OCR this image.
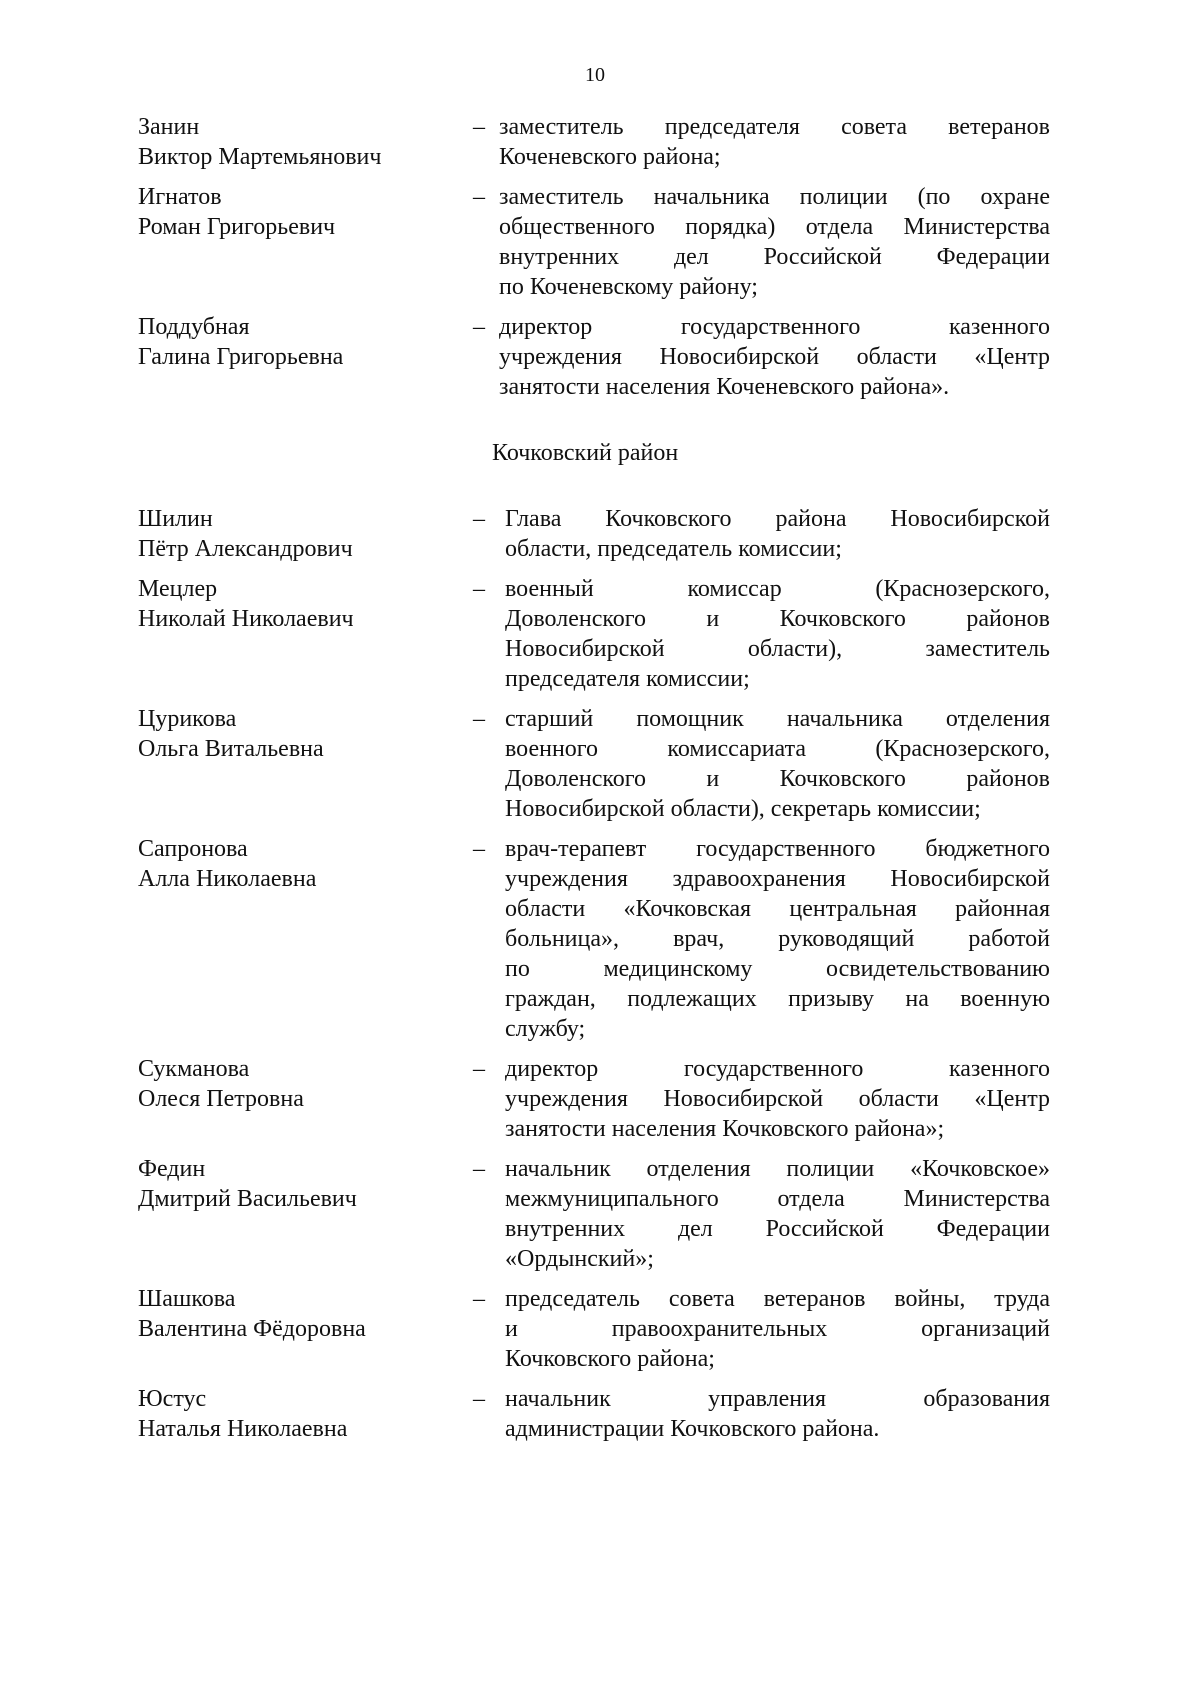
10
Занин
Виктор Мартемьянович
– заместитель председателя совета ветеранов
Коченевского района;
Игнатов
Роман Григорьевич
– заместитель начальника полиции (по охране
общественного порядка) отдела Министерства
внутренних дел Российской Федерации
по Коченевскому району;
Поддубная
Галина Григорьевна
– директор государственного казенного
учреждения Новосибирской области «Центр
занятости населения Коченевского района».
Кочковский район
Шилин
Пётр Александрович
– Глава Кочковского района Новосибирской
области, председатель комиссии;
Мецлер
Николай Николаевич
– военный комиссар (Краснозерского,
Доволенского и Кочковского районов
Новосибирской области), заместитель
председателя комиссии;
Цурикова
Ольга Витальевна
– старший помощник начальника отделения
военного комиссариата (Краснозерского,
Доволенского и Кочковского районов
Новосибирской области), секретарь комиссии;
Сапронова
Алла Николаевна
– врач-терапевт государственного бюджетного
учреждения здравоохранения Новосибирской
области «Кочковская центральная районная
больница», врач, руководящий работой
по медицинскому освидетельствованию
граждан, подлежащих призыву на военную
службу;
Сукманова
Олеся Петровна
– директор государственного казенного
учреждения Новосибирской области «Центр
занятости населения Кочковского района»;
Федин
Дмитрий Васильевич
– начальник отделения полиции «Кочковское»
межмуниципального отдела Министерства
внутренних дел Российской Федерации
«Ордынский»;
Шашкова
Валентина Фёдоровна
– председатель совета ветеранов войны, труда
и правоохранительных организаций
Кочковского района;
Юстус
Наталья Николаевна
– начальник управления образования
администрации Кочковского района.
